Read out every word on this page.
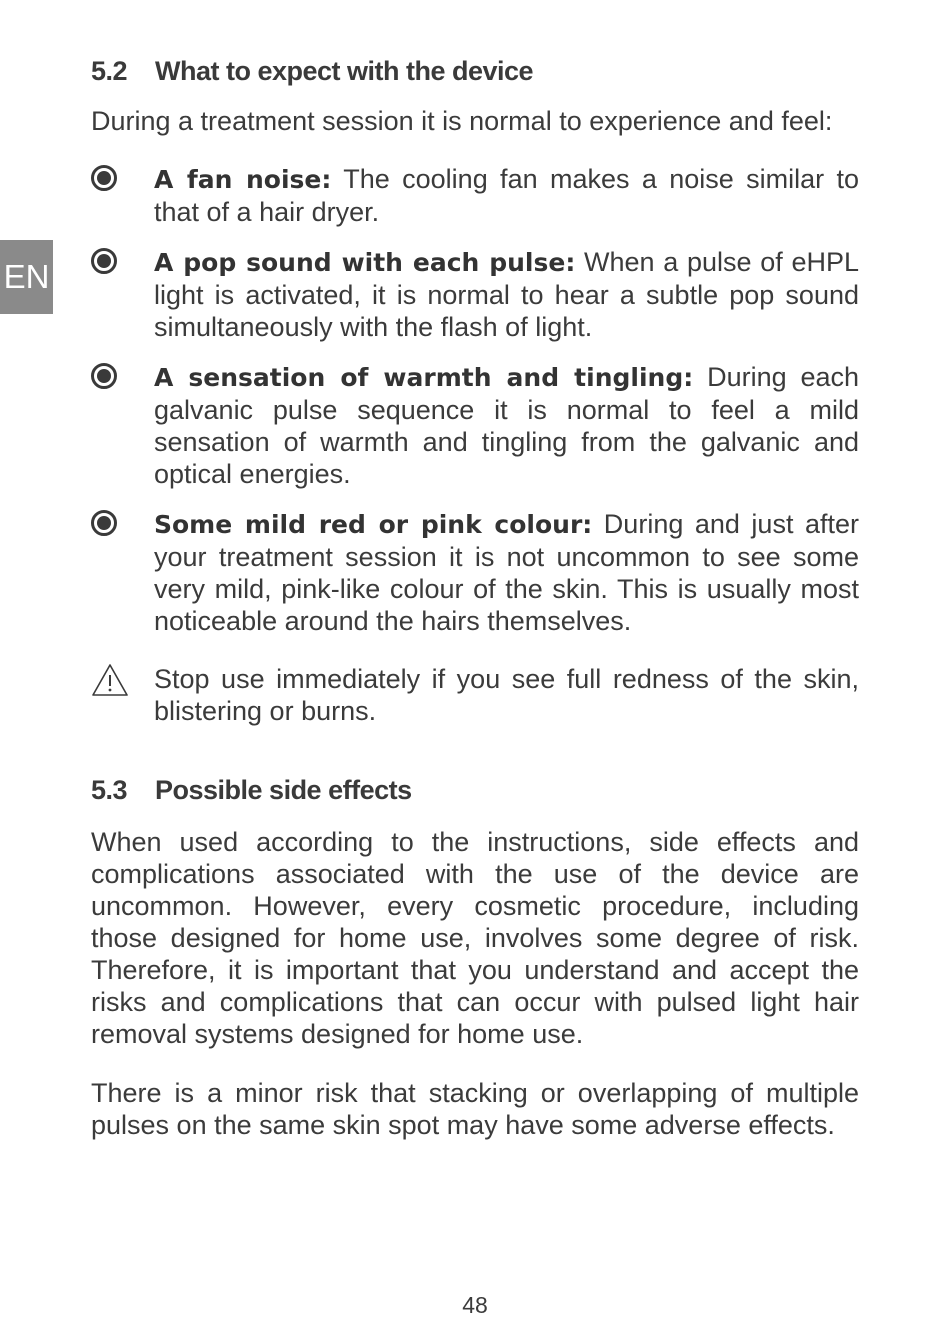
EN
5.2	What to expect with the device

During a treatment session it is normal to experience and feel:

A fan noise: The cooling fan makes a noise similar to that of a hair dryer.

A pop sound with each pulse: When a pulse of eHPL light is activated, it is normal to hear a subtle pop sound simultaneously with the flash of light.

A sensation of warmth and tingling: During each galvanic pulse sequence it is normal to feel a mild sensation of warmth and tingling from the galvanic and optical energies.

Some mild red or pink colour: During and just after your treatment session it is not uncommon to see some very mild, pink-like colour of the skin. This is usually most noticeable around the hairs themselves.

Stop use immediately if you see full redness of the skin, blistering or burns.

5.3	Possible side effects

When used according to the instructions, side effects and complications associated with the use of the device are uncommon. However, every cosmetic procedure, including those designed for home use, involves some degree of risk. Therefore, it is important that you understand and accept the risks and complications that can occur with pulsed light hair removal systems designed for home use.

There is a minor risk that stacking or overlapping of multiple pulses on the same skin spot may have some adverse effects.

48
